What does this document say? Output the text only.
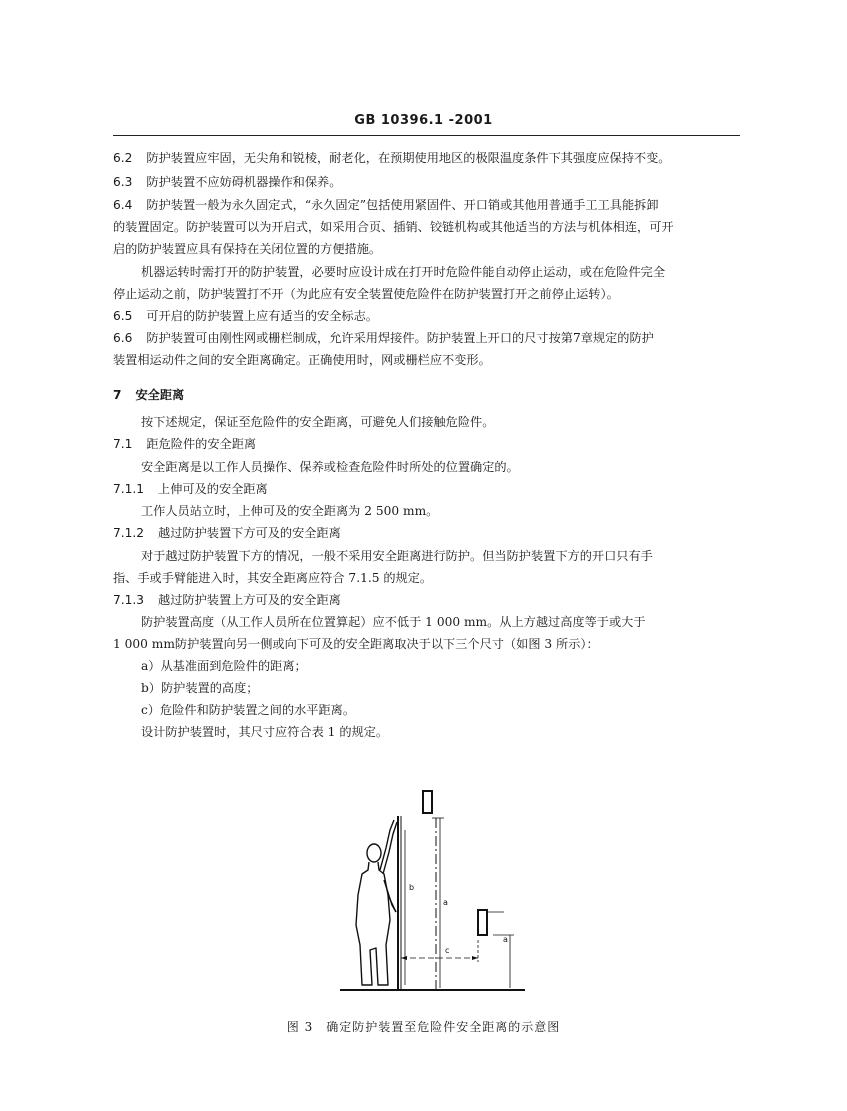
GB 10396.1 -2001
6.2 防护装置应牢固，无尖角和锐棱，耐老化，在预期使用地区的极限温度条件下其强度应保持不变。
6.3 防护装置不应妨碍机器操作和保养。
6.4 防护装置一般为永久固定式，“永久固定”包括使用紧固件、开口销或其他用普通手工工具能拆卸
的装置固定。防护装置可以为开启式，如采用合页、插销、铰链机构或其他适当的方法与机体相连，可开
启的防护装置应具有保持在关闭位置的方便措施。
机器运转时需打开的防护装置，必要时应设计成在打开时危险件能自动停止运动，或在危险件完全
停止运动之前，防护装置打不开（为此应有安全装置使危险件在防护装置打开之前停止运转）。
6.5 可开启的防护装置上应有适当的安全标志。
6.6 防护装置可由刚性网或栅栏制成，允许采用焊接件。防护装置上开口的尺寸按第7章规定的防护
装置相运动件之间的安全距离确定。正确使用时，网或栅栏应不变形。
7 安全距离
按下述规定，保证至危险件的安全距离，可避免人们接触危险件。
7.1 距危险件的安全距离
安全距离是以工作人员操作、保养或检查危险件时所处的位置确定的。
7.1.1 上伸可及的安全距离
工作人员站立时，上伸可及的安全距离为 2 500 mm。
7.1.2 越过防护装置下方可及的安全距离
对于越过防护装置下方的情况，一般不采用安全距离进行防护。但当防护装置下方的开口只有手
指、手或手臂能进入时，其安全距离应符合 7.1.5 的规定。
7.1.3 越过防护装置上方可及的安全距离
防护装置高度（从工作人员所在位置算起）应不低于 1 000 mm。从上方越过高度等于或大于
1 000 mm防护装置向另一侧或向下可及的安全距离取决于以下三个尺寸（如图 3 所示）：
a）从基准面到危险件的距离；
b）防护装置的高度；
c）危险件和防护装置之间的水平距离。
设计防护装置时，其尺寸应符合表 1 的规定。
b
a
a
c
图 3　确定防护装置至危险件安全距离的示意图
